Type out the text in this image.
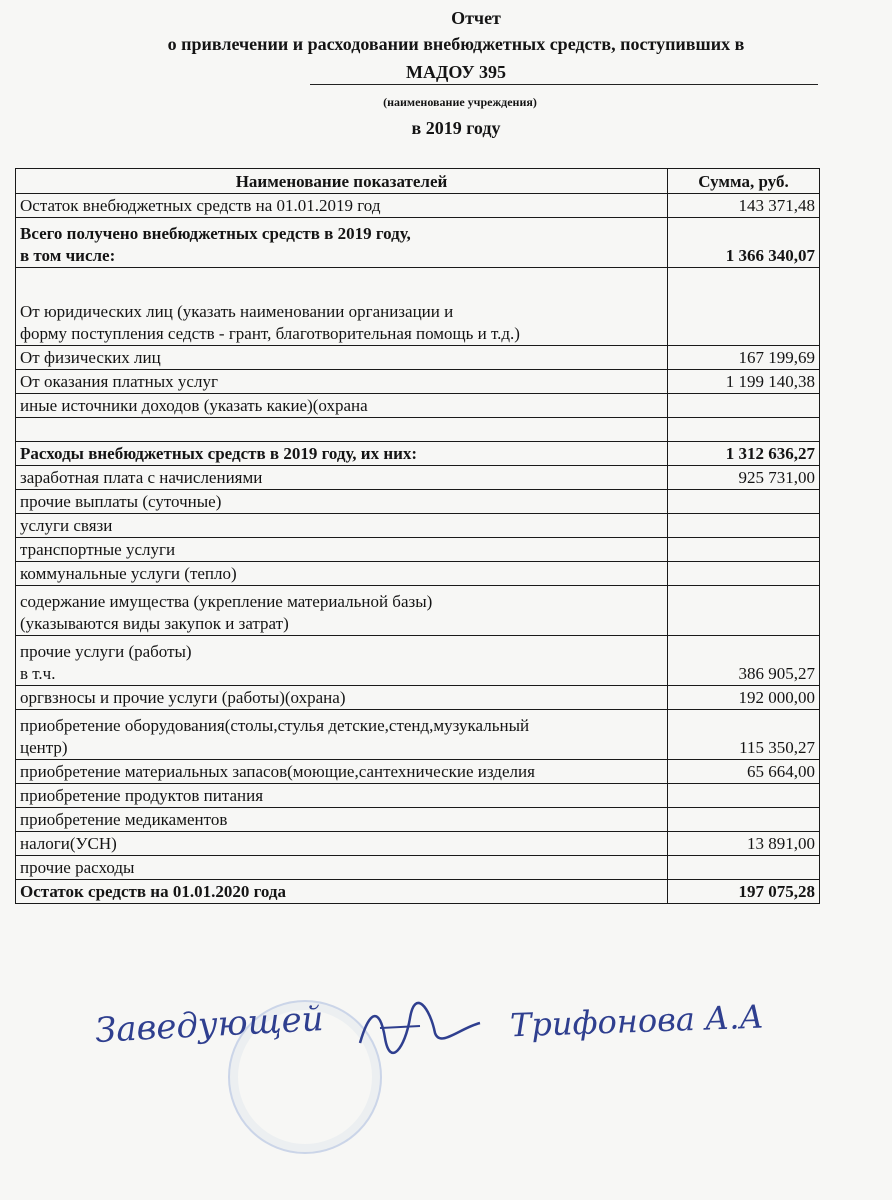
Отчет
о привлечении и расходовании внебюджетных средств, поступивших в
МАДОУ 395
(наименование учреждения)
в 2019 году
Наименование показателей	Сумма, руб.
Остаток внебюджетных средств на 01.01.2019 год	143 371,48

Всего получено внебюджетных средств в 2019 году,
в том числе:	1 366 340,07

От юридических лиц (указать наименовании организации и
форму поступления седств - грант, благотворительная помощь и т.д.)	

От физических лиц	167 199,69
От оказания платных услуг	1 199 140,38
иные источники доходов (указать какие)(охрана	

Расходы внебюджетных средств в 2019 году, их них:	1 312 636,27
заработная плата с начислениями	925 731,00
прочие выплаты (суточные)	
услуги связи	
транспортные услуги	
коммунальные услуги (тепло)	

содержание имущества (укрепление материальной базы)
(указываются виды закупок и затрат)	

прочие услуги (работы)
в т.ч.	386 905,27
оргвзносы и прочие услуги (работы)(охрана)	192 000,00

приобретение оборудования(столы,стулья детские,стенд,музукальный
центр)	115 350,27
приобретение материальных запасов(моющие,сантехнические изделия	65 664,00
приобретение продуктов питания	
приобретение медикаментов	
налоги(УСН)	13 891,00
прочие расходы	
Остаток средств на 01.01.2020 года	197 075,28
Заведующей	Трифонова А.А
